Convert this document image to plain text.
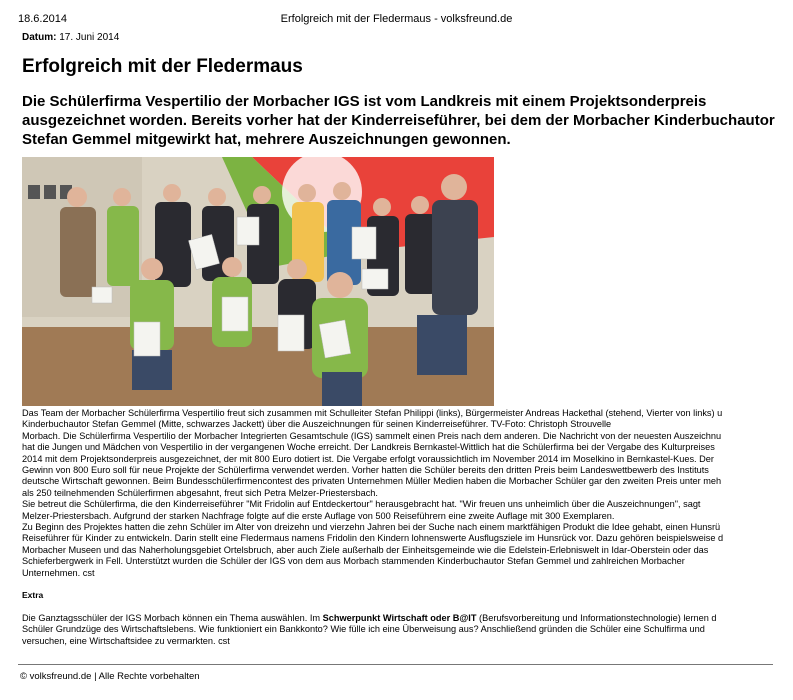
18.6.2014	Erfolgreich mit der Fledermaus - volksfreund.de
Datum: 17. Juni 2014
Erfolgreich mit der Fledermaus

Die Schülerfirma Vespertilio der Morbacher IGS ist vom Landkreis mit einem Projektsonderpreis ausgezeichnet worden. Bereits vorher hat der Kinderreiseführer, bei dem der Morbacher Kinderbuchautor Stefan Gemmel mitgewirkt hat, mehrere Auszeichnungen gewonnen.

Das Team der Morbacher Schülerfirma Vespertilio freut sich zusammen mit Schulleiter Stefan Philippi (links), Bürgermeister Andreas Hackethal (stehend, Vierter von links) u
Kinderbuchautor Stefan Gemmel (Mitte, schwarzes Jackett) über die Auszeichnungen für seinen Kinderreiseführer. TV-Foto: Christoph Strouvelle
Morbach. Die Schülerfirma Vespertilio der Morbacher Integrierten Gesamtschule (IGS) sammelt einen Preis nach dem anderen. Die Nachricht von der neuesten Auszeichnu
hat die Jungen und Mädchen von Vespertilio in der vergangenen Woche erreicht. Der Landkreis Bernkastel-Wittlich hat die Schülerfirma bei der Vergabe des Kulturpreises
2014 mit dem Projektsonderpreis ausgezeichnet, der mit 800 Euro dotiert ist. Die Vergabe erfolgt voraussichtlich im November 2014 im Moselkino in Bernkastel-Kues. Der
Gewinn von 800 Euro soll für neue Projekte der Schülerfirma verwendet werden. Vorher hatten die Schüler bereits den dritten Preis beim Landeswettbewerb des Instituts
deutsche Wirtschaft gewonnen. Beim Bundesschülerfirmencontest des privaten Unternehmen Müller Medien haben die Morbacher Schüler gar den zweiten Preis unter meh
als 250 teilnehmenden Schülerfirmen abgesahnt, freut sich Petra Melzer-Priestersbach.
Sie betreut die Schülerfirma, die den Kinderreiseführer "Mit Fridolin auf Entdeckertour" herausgebracht hat. "Wir freuen uns unheimlich über die Auszeichnungen", sagt
Melzer-Priestersbach. Aufgrund der starken Nachfrage folgte auf die erste Auflage von 500 Reiseführern eine zweite Auflage mit 300 Exemplaren.
Zu Beginn des Projektes hatten die zehn Schüler im Alter von dreizehn und vierzehn Jahren bei der Suche nach einem marktfähigen Produkt die Idee gehabt, einen Hunsrü
Reiseführer für Kinder zu entwickeln. Darin stellt eine Fledermaus namens Fridolin den Kindern lohnenswerte Ausflugsziele im Hunsrück vor. Dazu gehören beispielsweise d
Morbacher Museen und das Naherholungsgebiet Ortelsbruch, aber auch Ziele außerhalb der Einheitsgemeinde wie die Edelstein-Erlebniswelt in Idar-Oberstein oder das
Schieferbergwerk in Fell. Unterstützt wurden die Schüler der IGS von dem aus Morbach stammenden Kinderbuchautor Stefan Gemmel und zahlreichen Morbacher
Unternehmen. cst
Extra
Die Ganztagsschüler der IGS Morbach können ein Thema auswählen. Im Schwerpunkt Wirtschaft oder B@IT (Berufsvorbereitung und Informationstechnologie) lernen d
Schüler Grundzüge des Wirtschaftslebens. Wie funktioniert ein Bankkonto? Wie fülle ich eine Überweisung aus? Anschließend gründen die Schüler eine Schulfirma und
versuchen, eine Wirtschaftsidee zu vermarkten. cst
© volksfreund.de | Alle Rechte vorbehalten
